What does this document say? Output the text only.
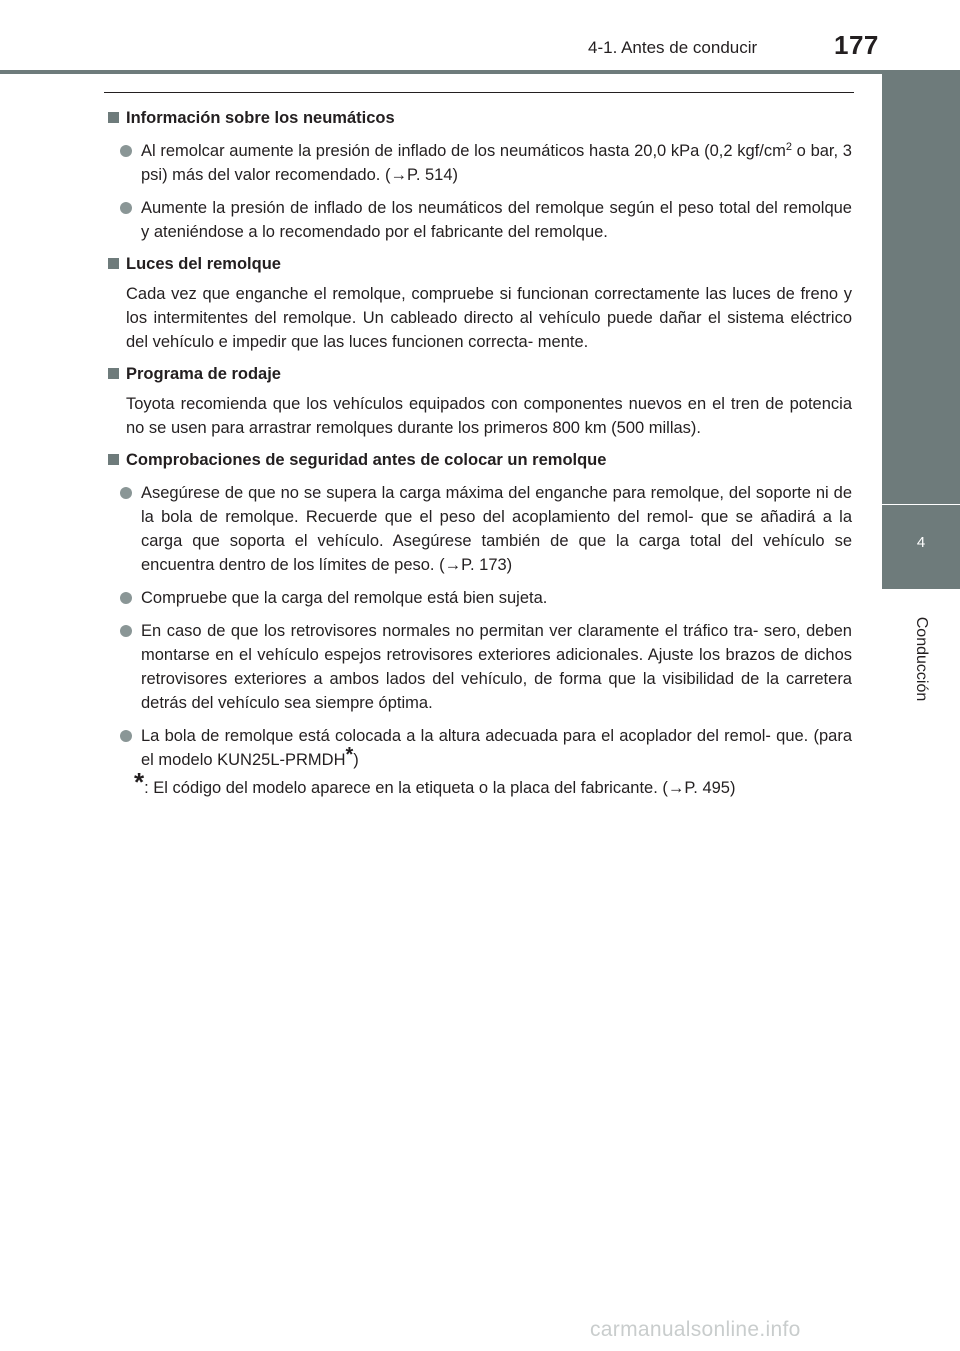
4-1. Antes de conducir	177
4
Conducción
Información sobre los neumáticos
Al remolcar aumente la presión de inflado de los neumáticos hasta 20,0 kPa (0,2 kgf/$cm^2$ o bar, 3 psi) más del valor recomendado. (→P. 514)
Aumente la presión de inflado de los neumáticos del remolque según el peso total del remolque y ateniéndose a lo recomendado por el fabricante del remolque.
Luces del remolque
Cada vez que enganche el remolque, compruebe si funcionan correctamente las luces de freno y los intermitentes del remolque. Un cableado directo al vehículo puede dañar el sistema eléctrico del vehículo e impedir que las luces funcionen correcta- mente.
Programa de rodaje
Toyota recomienda que los vehículos equipados con componentes nuevos en el tren de potencia no se usen para arrastrar remolques durante los primeros 800 km (500 millas).
Comprobaciones de seguridad antes de colocar un remolque
Asegúrese de que no se supera la carga máxima del enganche para remolque, del soporte ni de la bola de remolque. Recuerde que el peso del acoplamiento del remol- que se añadirá a la carga que soporta el vehículo. Asegúrese también de que la carga total del vehículo se encuentra dentro de los límites de peso. (→P. 173)
Compruebe que la carga del remolque está bien sujeta.
En caso de que los retrovisores normales no permitan ver claramente el tráfico tra- sero, deben montarse en el vehículo espejos retrovisores exteriores adicionales. Ajuste los brazos de dichos retrovisores exteriores a ambos lados del vehículo, de forma que la visibilidad de la carretera detrás del vehículo sea siempre óptima.
La bola de remolque está colocada a la altura adecuada para el acoplador del remol- que. (para el modelo KUN25L-PRMDH*)
*: El código del modelo aparece en la etiqueta o la placa del fabricante. (→P. 495)
carmanualsonline.info
